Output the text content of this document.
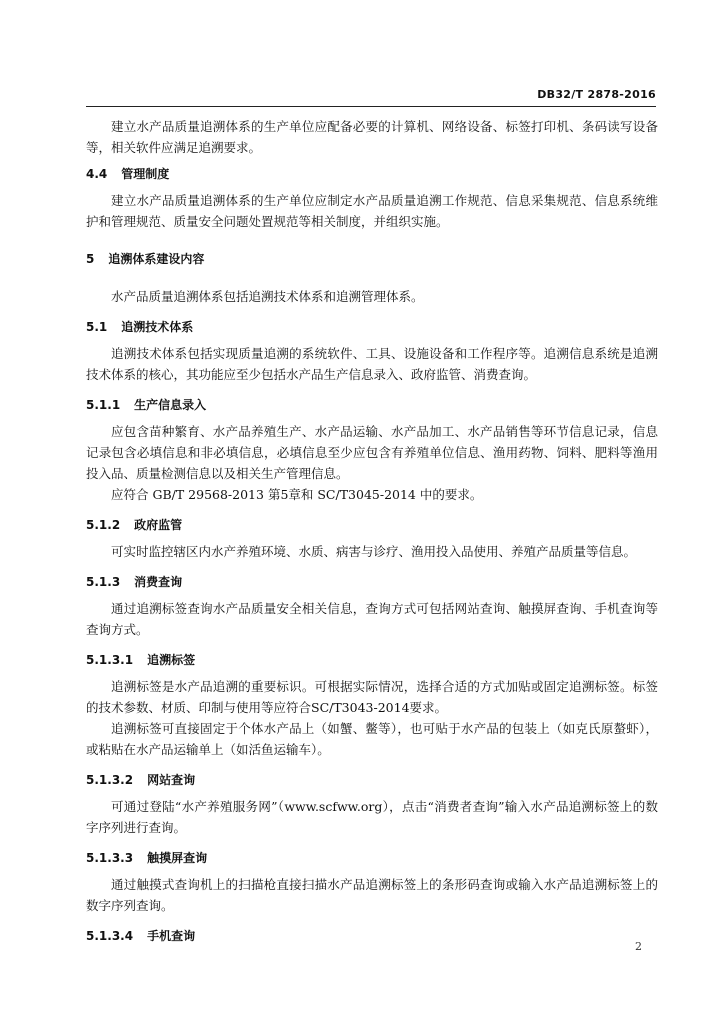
DB32/T 2878-2016

建立水产品质量追溯体系的生产单位应配备必要的计算机、网络设备、标签打印机、条码读写设备等，相关软件应满足追溯要求。

4.4 管理制度

建立水产品质量追溯体系的生产单位应制定水产品质量追溯工作规范、信息采集规范、信息系统维护和管理规范、质量安全问题处置规范等相关制度，并组织实施。

5 追溯体系建设内容

水产品质量追溯体系包括追溯技术体系和追溯管理体系。

5.1 追溯技术体系

追溯技术体系包括实现质量追溯的系统软件、工具、设施设备和工作程序等。追溯信息系统是追溯技术体系的核心，其功能应至少包括水产品生产信息录入、政府监管、消费查询。

5.1.1 生产信息录入

应包含苗种繁育、水产品养殖生产、水产品运输、水产品加工、水产品销售等环节信息记录，信息记录包含必填信息和非必填信息，必填信息至少应包含有养殖单位信息、渔用药物、饲料、肥料等渔用投入品、质量检测信息以及相关生产管理信息。

应符合 GB/T 29568-2013 第5章和 SC/T3045-2014 中的要求。

5.1.2 政府监管

可实时监控辖区内水产养殖环境、水质、病害与诊疗、渔用投入品使用、养殖产品质量等信息。

5.1.3 消费查询

通过追溯标签查询水产品质量安全相关信息，查询方式可包括网站查询、触摸屏查询、手机查询等查询方式。

5.1.3.1 追溯标签

追溯标签是水产品追溯的重要标识。可根据实际情况，选择合适的方式加贴或固定追溯标签。标签的技术参数、材质、印制与使用等应符合SC/T3043-2014要求。

追溯标签可直接固定于个体水产品上（如蟹、鳖等），也可贴于水产品的包装上（如克氏原螯虾），或粘贴在水产品运输单上（如活鱼运输车）。

5.1.3.2 网站查询

可通过登陆“水产养殖服务网”（www.scfww.org），点击“消费者查询”输入水产品追溯标签上的数字序列进行查询。

5.1.3.3 触摸屏查询

通过触摸式查询机上的扫描枪直接扫描水产品追溯标签上的条形码查询或输入水产品追溯标签上的数字序列查询。

5.1.3.4 手机查询

2
